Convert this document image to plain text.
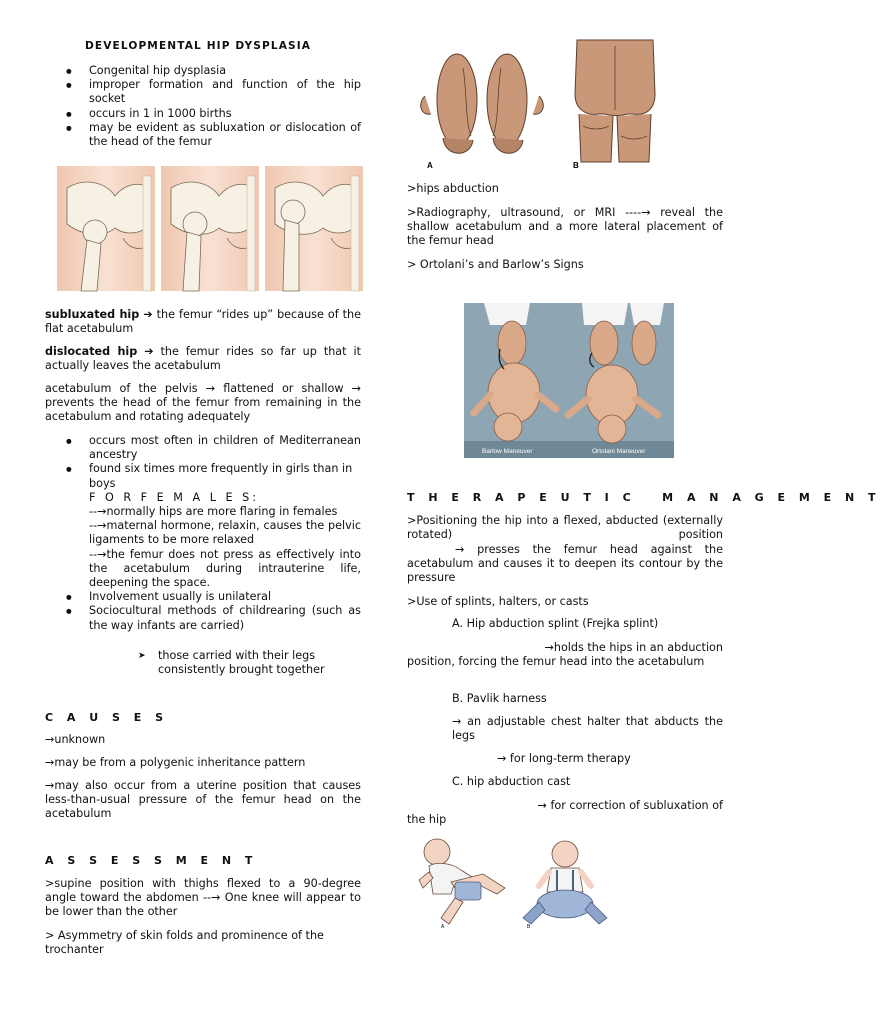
DEVELOPMENTAL HIP DYSPLASIA
● Congenital hip dysplasia
● improper formation and function of the hip socket
● occurs in 1 in 1000 births
● may be evident as subluxation or dislocation of the head of the femur

subluxated hip ➔ the femur “rides up” because of the flat acetabulum

dislocated hip ➔ the femur rides so far up that it actually leaves the acetabulum

acetabulum of the pelvis → flattened or shallow → prevents the head of the femur from remaining in the acetabulum and rotating adequately

● occurs most often in children of Mediterranean ancestry
● found six times more frequently in girls than in boys
F O R F E M A L E S:

--→normally hips are more flaring in females
--→maternal hormone, relaxin, causes the pelvic ligaments to be more relaxed
--→the femur does not press as effectively into the acetabulum during intrauterine life, deepening the space.
● Involvement usually is unilateral
● Sociocultural methods of childrearing (such as the way infants are carried)

➤ those carried with their legs consistently brought together

C A U S E S

→unknown

→may be from a polygenic inheritance pattern

→may also occur from a uterine position that causes less-than-usual pressure of the femur head on the acetabulum

A S S E S S M E N T

>supine position with thighs flexed to a 90-degree angle toward the abdomen --→ One knee will appear to be lower than the other

> Asymmetry of skin folds and prominence of the trochanter

A	B

>hips abduction

>Radiography, ultrasound, or MRI ----→ reveal the shallow acetabulum and a more lateral placement of the femur head

> Ortolani’s and Barlow’s Signs

Barlow Maneuver	Ortolani Maneuver
T H E R A P E U T I C   M A N A G E M E N T

>Positioning the hip into a flexed, abducted (externally rotated) position

→ presses the femur head against the acetabulum and causes it to deepen its contour by the pressure

>Use of splints, halters, or casts

A. Hip abduction splint (Frejka splint)

→holds the hips in an abduction

position, forcing the femur head into the acetabulum

B. Pavlik harness

→ an adjustable chest halter that abducts the legs

→ for long-term therapy

C. hip abduction cast

→ for correction of subluxation of

the hip

A	B
